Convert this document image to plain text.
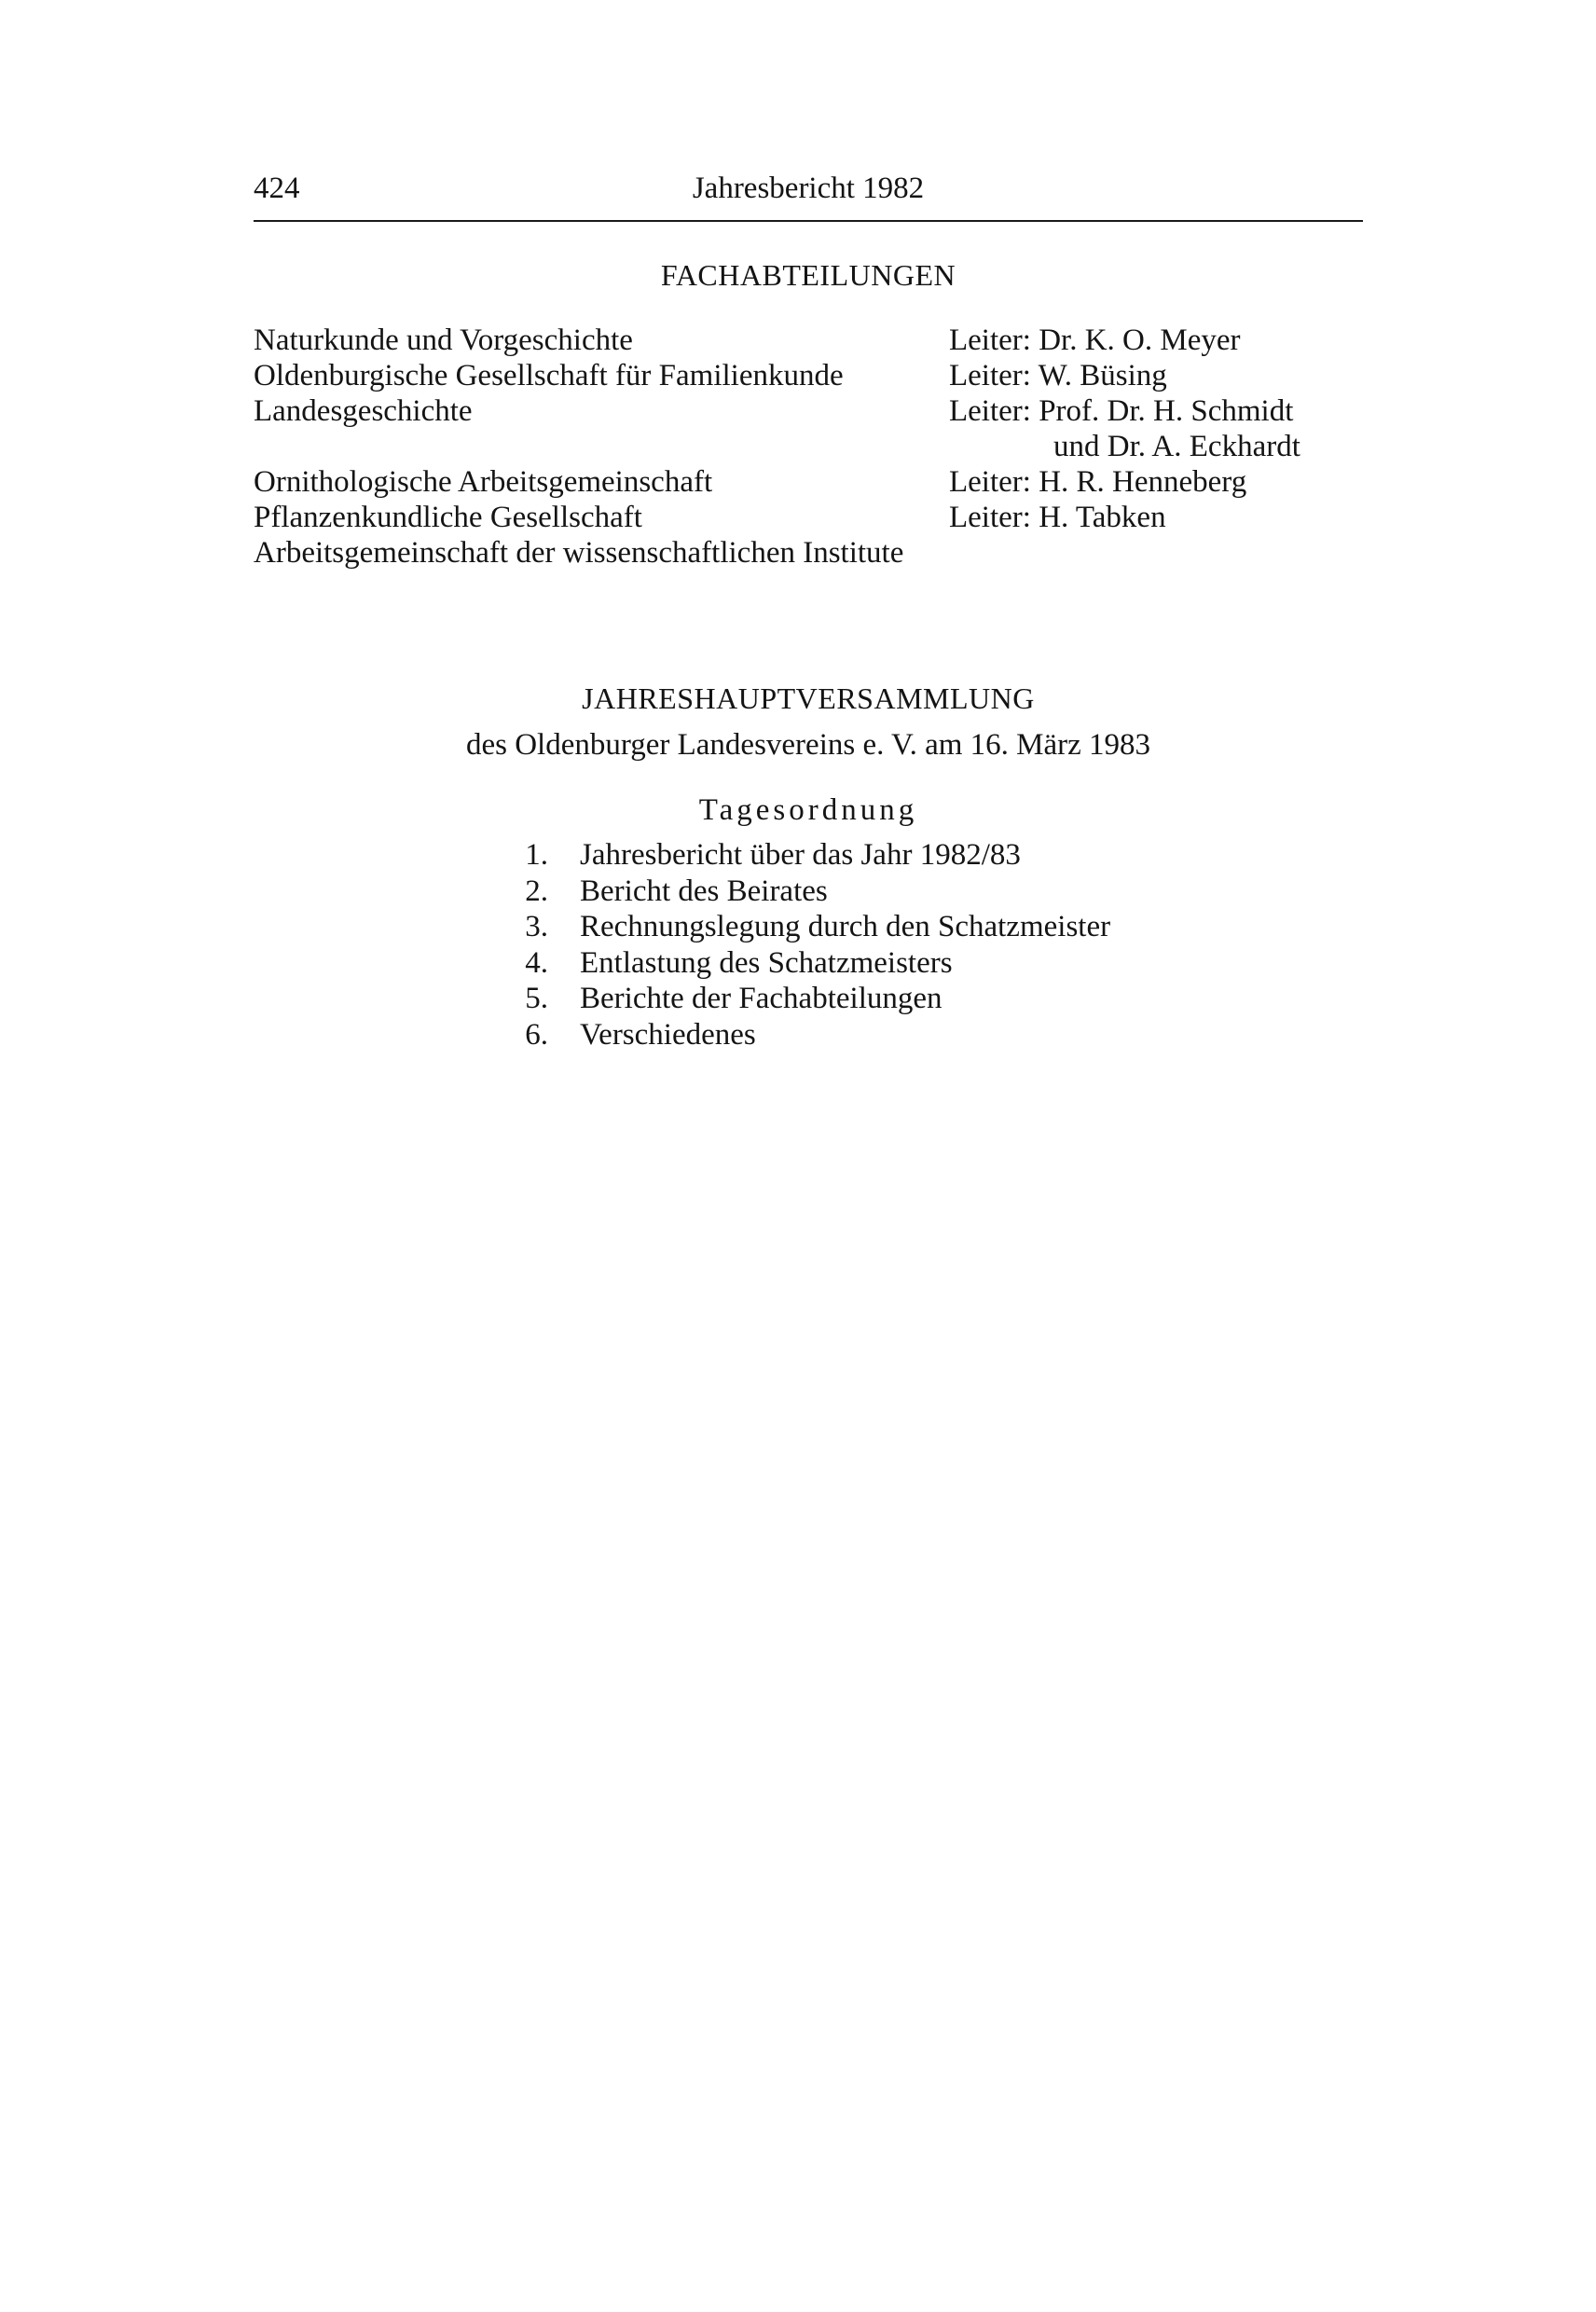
424	Jahresbericht 1982
FACHABTEILUNGEN
Naturkunde und Vorgeschichte	Leiter: Dr. K. O. Meyer
Oldenburgische Gesellschaft für Familienkunde	Leiter: W. Büsing
Landesgeschichte	Leiter: Prof. Dr. H. Schmidt
und Dr. A. Eckhardt
Ornithologische Arbeitsgemeinschaft	Leiter: H. R. Henneberg
Pflanzenkundliche Gesellschaft	Leiter: H. Tabken
Arbeitsgemeinschaft der wissenschaftlichen Institute
JAHRESHAUPTVERSAMMLUNG
des Oldenburger Landesvereins e. V. am 16. März 1983
Tagesordnung
1. Jahresbericht über das Jahr 1982/83
2. Bericht des Beirates
3. Rechnungslegung durch den Schatzmeister
4. Entlastung des Schatzmeisters
5. Berichte der Fachabteilungen
6. Verschiedenes
